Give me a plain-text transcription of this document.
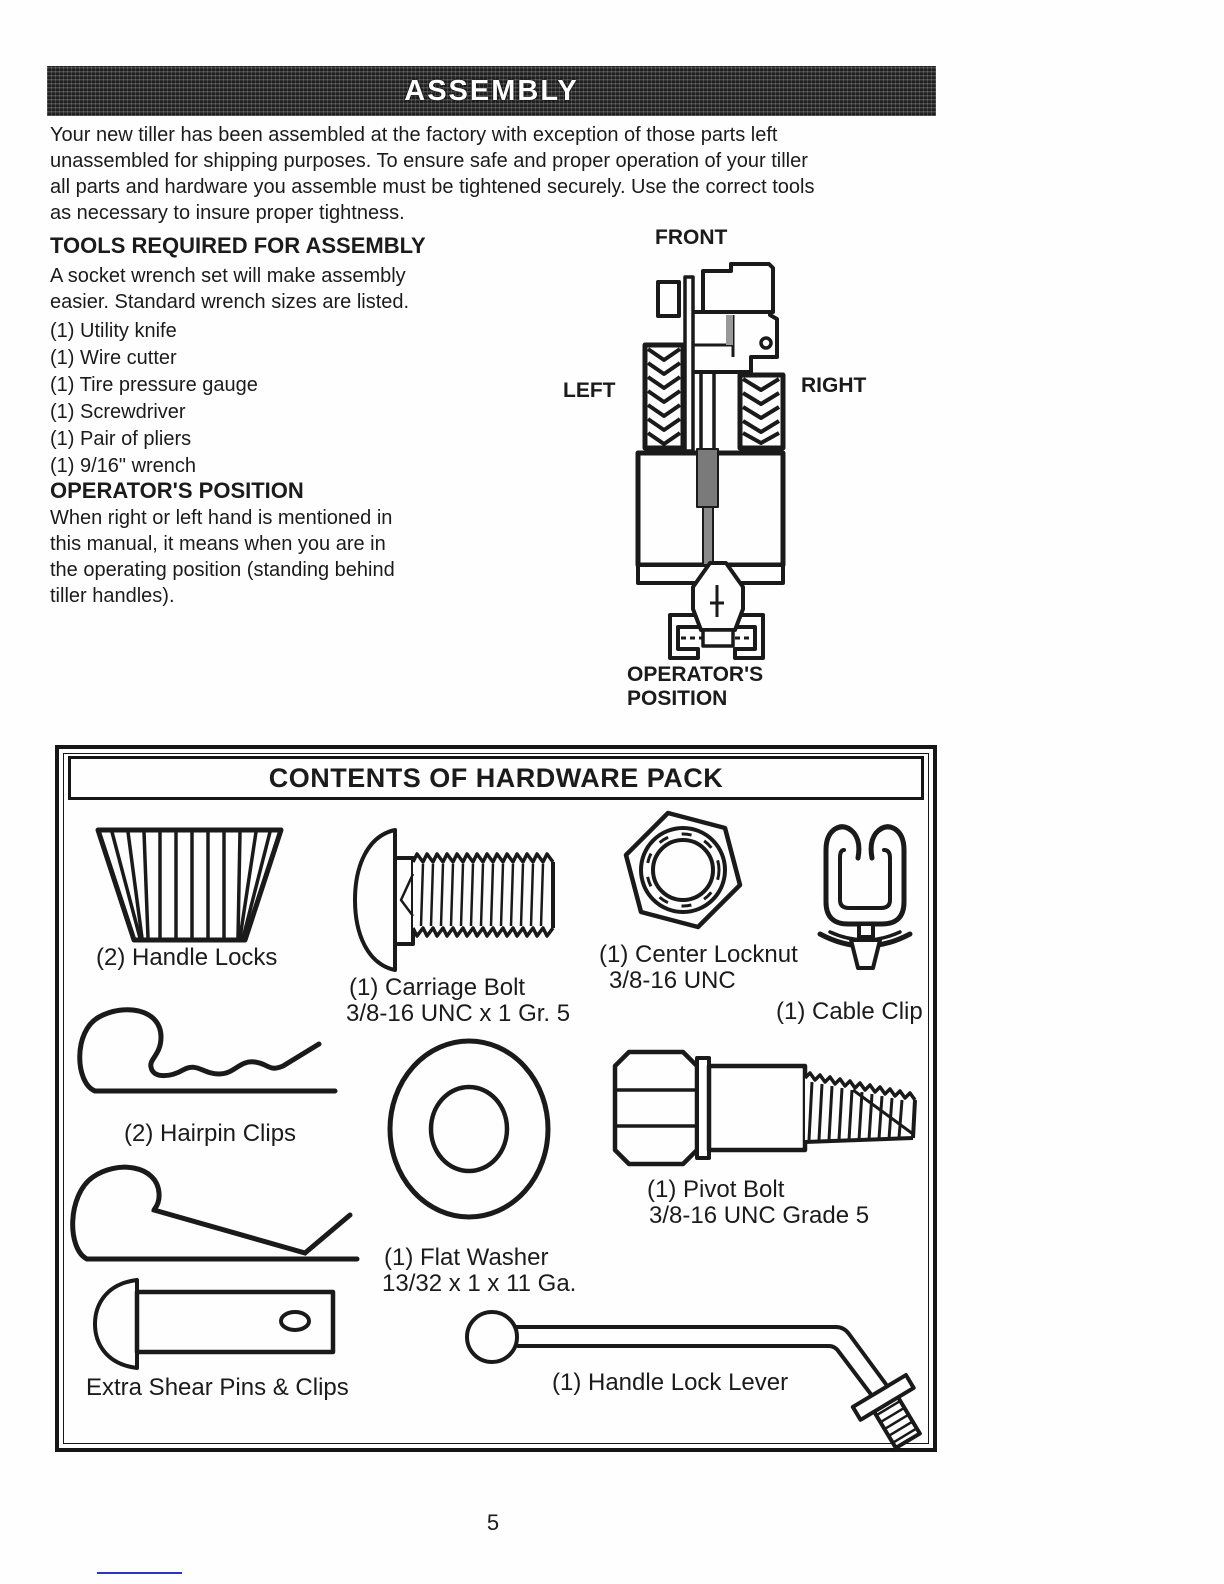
ASSEMBLY
Your new tiller has been assembled at the factory with exception of those parts left unassembled for shipping purposes. To ensure safe and proper operation of your tiller all parts and hardware you assemble must be tightened securely. Use the correct tools as necessary to insure proper tightness.
TOOLS REQUIRED FOR ASSEMBLY
A socket wrench set will make assembly easier. Standard wrench sizes are listed.
(1) Utility knife
(1) Wire cutter
(1) Tire pressure gauge
(1) Screwdriver
(1) Pair of pliers
(1) 9/16" wrench
OPERATOR'S POSITION
When right or left hand is mentioned in this manual, it means when you are in the operating position (standing behind tiller handles).
FRONT
LEFT	RIGHT
OPERATOR'S
POSITION
CONTENTS OF HARDWARE PACK
(2) Handle Locks
(1) Carriage Bolt
3/8-16 UNC x 1 Gr. 5
(1) Center Locknut
3/8-16 UNC
(1) Cable Clip
(2) Hairpin Clips
(1) Flat Washer
13/32 x 1 x 11 Ga.
(1) Pivot Bolt
3/8-16 UNC Grade 5
Extra Shear Pins & Clips	(1) Handle Lock Lever
5
